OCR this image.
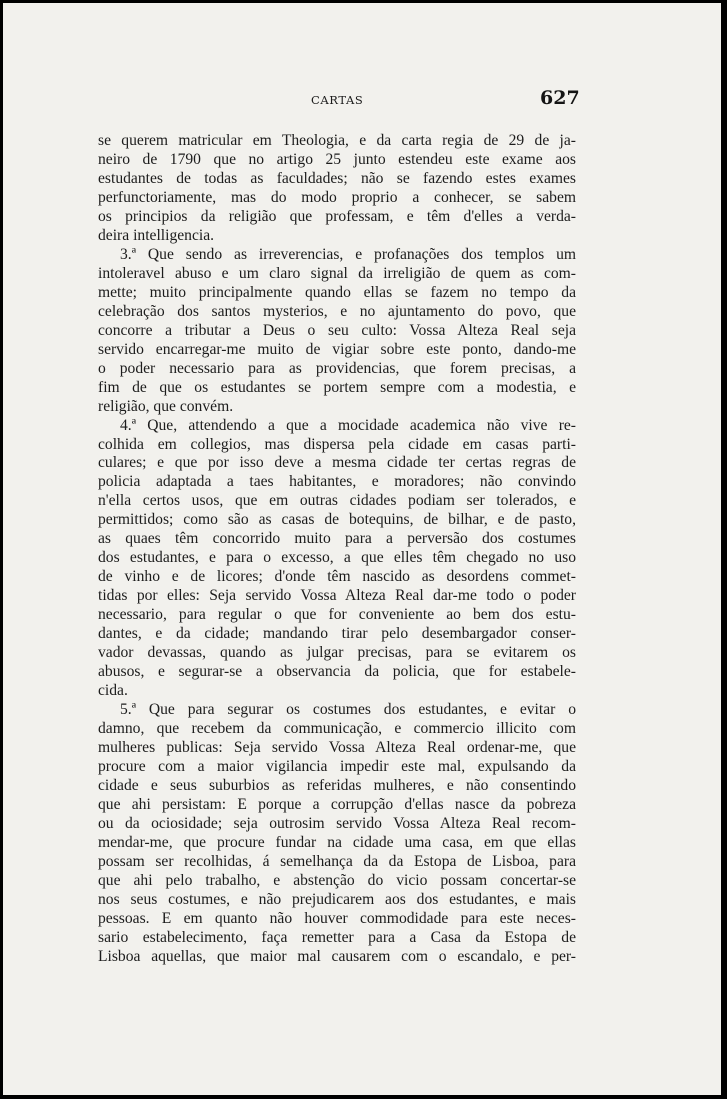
CARTAS	627
se querem matricular em Theologia, e da carta regia de 29 de ja-
neiro de 1790 que no artigo 25 junto estendeu este exame aos
estudantes de todas as faculdades; não se fazendo estes exames
perfunctoriamente, mas do modo proprio a conhecer, se sabem
os principios da religião que professam, e têm d'elles a verda-
deira intelligencia.
3.ª Que sendo as irreverencias, e profanações dos templos um
intoleravel abuso e um claro signal da irreligião de quem as com-
mette; muito principalmente quando ellas se fazem no tempo da
celebração dos santos mysterios, e no ajuntamento do povo, que
concorre a tributar a Deus o seu culto: Vossa Alteza Real seja
servido encarregar-me muito de vigiar sobre este ponto, dando-me
o poder necessario para as providencias, que forem precisas, a
fim de que os estudantes se portem sempre com a modestia, e
religião, que convém.
4.ª Que, attendendo a que a mocidade academica não vive re-
colhida em collegios, mas dispersa pela cidade em casas parti-
culares; e que por isso deve a mesma cidade ter certas regras de
policia adaptada a taes habitantes, e moradores; não convindo
n'ella certos usos, que em outras cidades podiam ser tolerados, e
permittidos; como são as casas de botequins, de bilhar, e de pasto,
as quaes têm concorrido muito para a perversão dos costumes
dos estudantes, e para o excesso, a que elles têm chegado no uso
de vinho e de licores; d'onde têm nascido as desordens commet-
tidas por elles: Seja servido Vossa Alteza Real dar-me todo o poder
necessario, para regular o que for conveniente ao bem dos estu-
dantes, e da cidade; mandando tirar pelo desembargador conser-
vador devassas, quando as julgar precisas, para se evitarem os
abusos, e segurar-se a observancia da policia, que for estabele-
cida.
5.ª Que para segurar os costumes dos estudantes, e evitar o
damno, que recebem da communicação, e commercio illicito com
mulheres publicas: Seja servido Vossa Alteza Real ordenar-me, que
procure com a maior vigilancia impedir este mal, expulsando da
cidade e seus suburbios as referidas mulheres, e não consentindo
que ahi persistam: E porque a corrupção d'ellas nasce da pobreza
ou da ociosidade; seja outrosim servido Vossa Alteza Real recom-
mendar-me, que procure fundar na cidade uma casa, em que ellas
possam ser recolhidas, á semelhança da da Estopa de Lisboa, para
que ahi pelo trabalho, e abstenção do vicio possam concertar-se
nos seus costumes, e não prejudicarem aos dos estudantes, e mais
pessoas. E em quanto não houver commodidade para este neces-
sario estabelecimento, faça remetter para a Casa da Estopa de
Lisboa aquellas, que maior mal causarem com o escandalo, e per-
